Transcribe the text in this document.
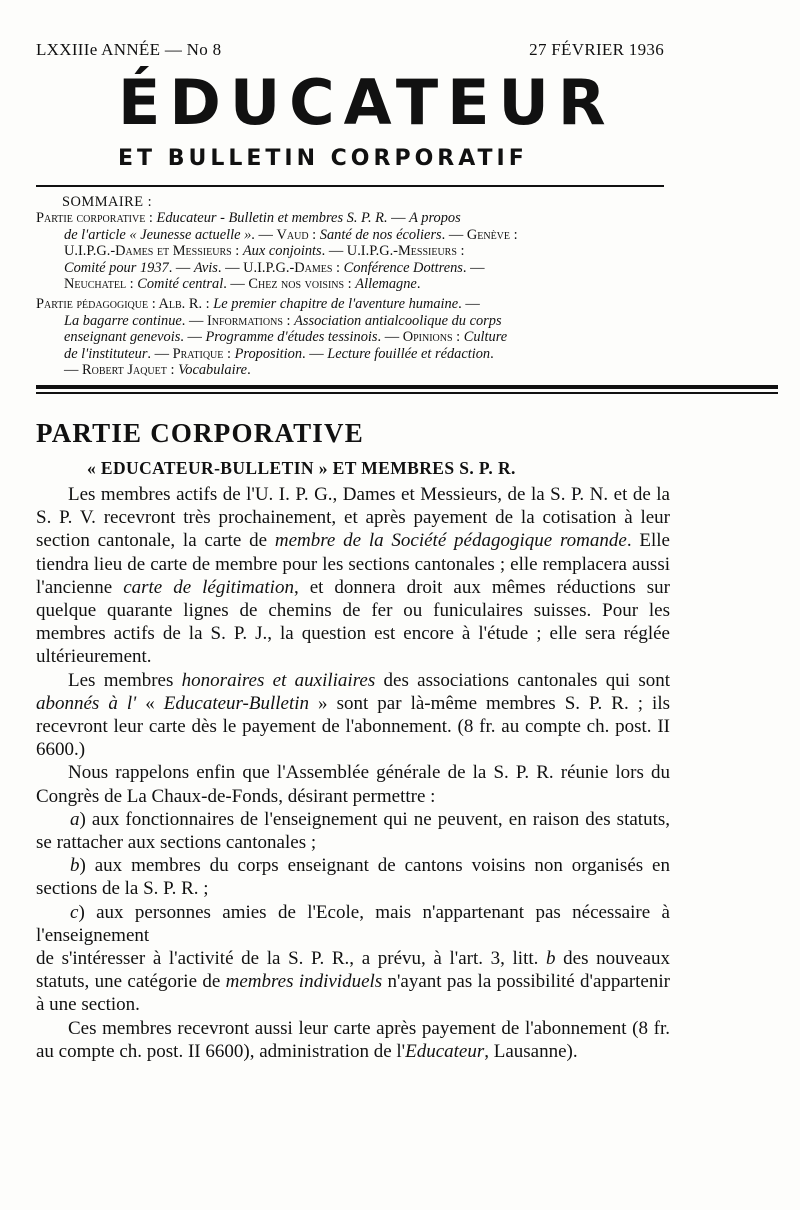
LXXIIIe ANNÉE — No 8	27 FÉVRIER 1936
ÉDUCATEUR
ET BULLETIN CORPORATIF

SOMMAIRE :

Partie corporative : Educateur - Bulletin et membres S. P. R. — A propos
de l'article « Jeunesse actuelle ». — Vaud : Santé de nos écoliers. — Genève :
U.I.P.G.-Dames et Messieurs : Aux conjoints. — U.I.P.G.-Messieurs :
Comité pour 1937. — Avis. — U.I.P.G.-Dames : Conférence Dottrens. —
Neuchatel : Comité central. — Chez nos voisins : Allemagne.

Partie pédagogique : Alb. R. : Le premier chapitre de l'aventure humaine. —
La bagarre continue. — Informations : Association antialcoolique du corps
enseignant genevois. — Programme d'études tessinois. — Opinions : Culture
de l'instituteur. — Pratique : Proposition. — Lecture fouillée et rédaction.
— Robert Jaquet : Vocabulaire.

PARTIE CORPORATIVE
« EDUCATEUR-BULLETIN » ET MEMBRES S. P. R.

Les membres actifs de l'U. I. P. G., Dames et Messieurs, de la S. P. N. et de la S. P. V. recevront très prochainement, et après payement de la cotisation à leur section cantonale, la carte de membre de la Société pédagogique romande. Elle tiendra lieu de carte de membre pour les sections cantonales ; elle remplacera aussi l'ancienne carte de légitimation, et donnera droit aux mêmes réductions sur quelque quarante lignes de chemins de fer ou funiculaires suisses. Pour les membres actifs de la S. P. J., la question est encore à l'étude ; elle sera réglée ultérieurement.

Les membres honoraires et auxiliaires des associations cantonales qui sont abonnés à l' « Educateur-Bulletin » sont par là-même membres S. P. R. ; ils recevront leur carte dès le payement de l'abonnement. (8 fr. au compte ch. post. II 6600.)

Nous rappelons enfin que l'Assemblée générale de la S. P. R. réunie lors du Congrès de La Chaux-de-Fonds, désirant permettre :

a) aux fonctionnaires de l'enseignement qui ne peuvent, en raison des statuts, se rattacher aux sections cantonales ;

b) aux membres du corps enseignant de cantons voisins non organisés en sections de la S. P. R. ;

c) aux personnes amies de l'Ecole, mais n'appartenant pas nécessaire à l'enseignement

de s'intéresser à l'activité de la S. P. R., a prévu, à l'art. 3, litt. b des nouveaux statuts, une catégorie de membres individuels n'ayant pas la possibilité d'appartenir à une section.

Ces membres recevront aussi leur carte après payement de l'abonnement (8 fr. au compte ch. post. II 6600), administration de l'Educateur, Lausanne).
